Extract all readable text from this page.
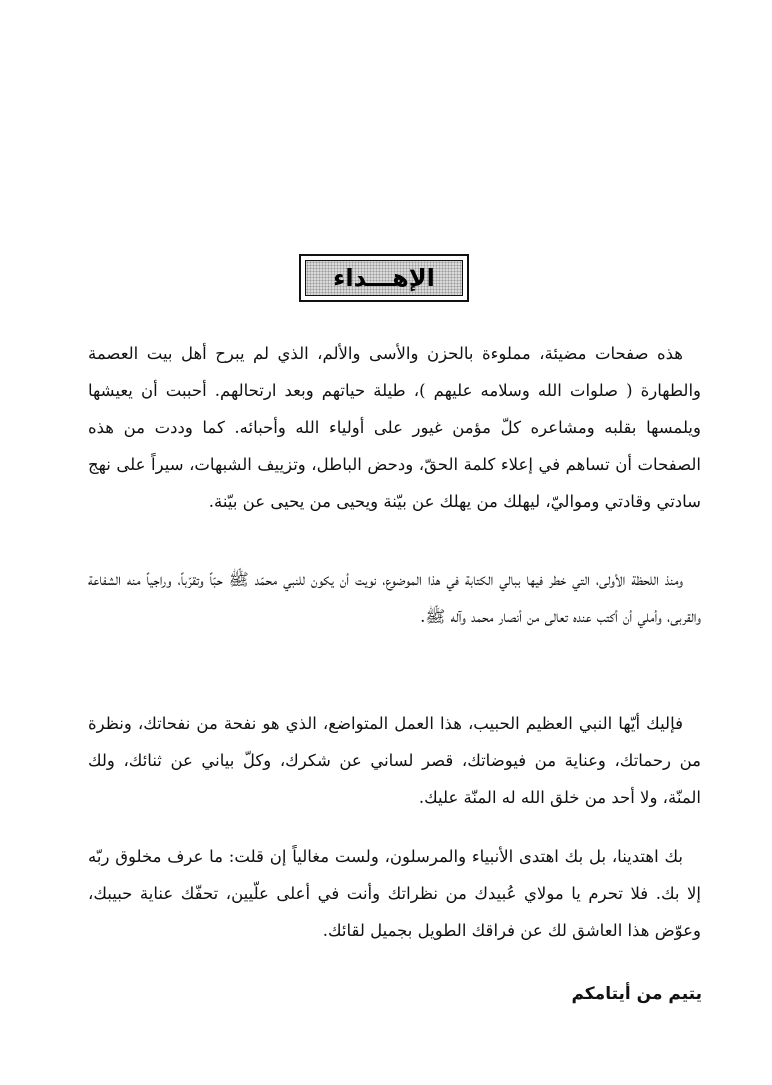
الإهـــداء

هذه صفحات مضيئة، مملوءة بالحزن والأسى والألم، الذي لم يبرح أهل بيت العصمة والطهارة ( صلوات الله وسلامه عليهم )، طيلة حياتهم وبعد ارتحالهم. أحببت أن يعيشها ويلمسها بقلبه ومشاعره كلّ مؤمن غيور على أولياء الله وأحبائه. كما وددت من هذه الصفحات أن تساهم في إعلاء كلمة الحقّ، ودحض الباطل، وتزييف الشبهات، سيراً على نهج سادتي وقادتي ومواليّ، ليهلك من يهلك عن بيّنة ويحيى من يحيى عن بيّنة.

ومنذ اللحظة الأولى، التي خطر فيها ببالي الكتابة في هذا الموضوع، نويت أن يكون للنبي محمّد ﷺ حبّاً وتقرّباً، وراجياً منه الشفاعة والقربى، وأملي أن أكتب عنده تعالى من أنصار محمد وآله ﷺ.

فإليك أيّها النبي العظيم الحبيب، هذا العمل المتواضع، الذي هو نفحة من نفحاتك، ونظرة من رحماتك، وعناية من فيوضاتك، قصر لساني عن شكرك، وكلّ بياني عن ثنائك، ولك المنّة، ولا أحد من خلق الله له المنّة عليك.

بك اهتدينا، بل بك اهتدى الأنبياء والمرسلون، ولست مغالياً إن قلت: ما عرف مخلوق ربّه إلا بك. فلا تحرم يا مولاي عُبيدك من نظراتك وأنت في أعلى علّيين، تحفّك عناية حبيبك، وعوّض هذا العاشق لك عن فراقك الطويل بجميل لقائك.

يتيم من أيتامكم
